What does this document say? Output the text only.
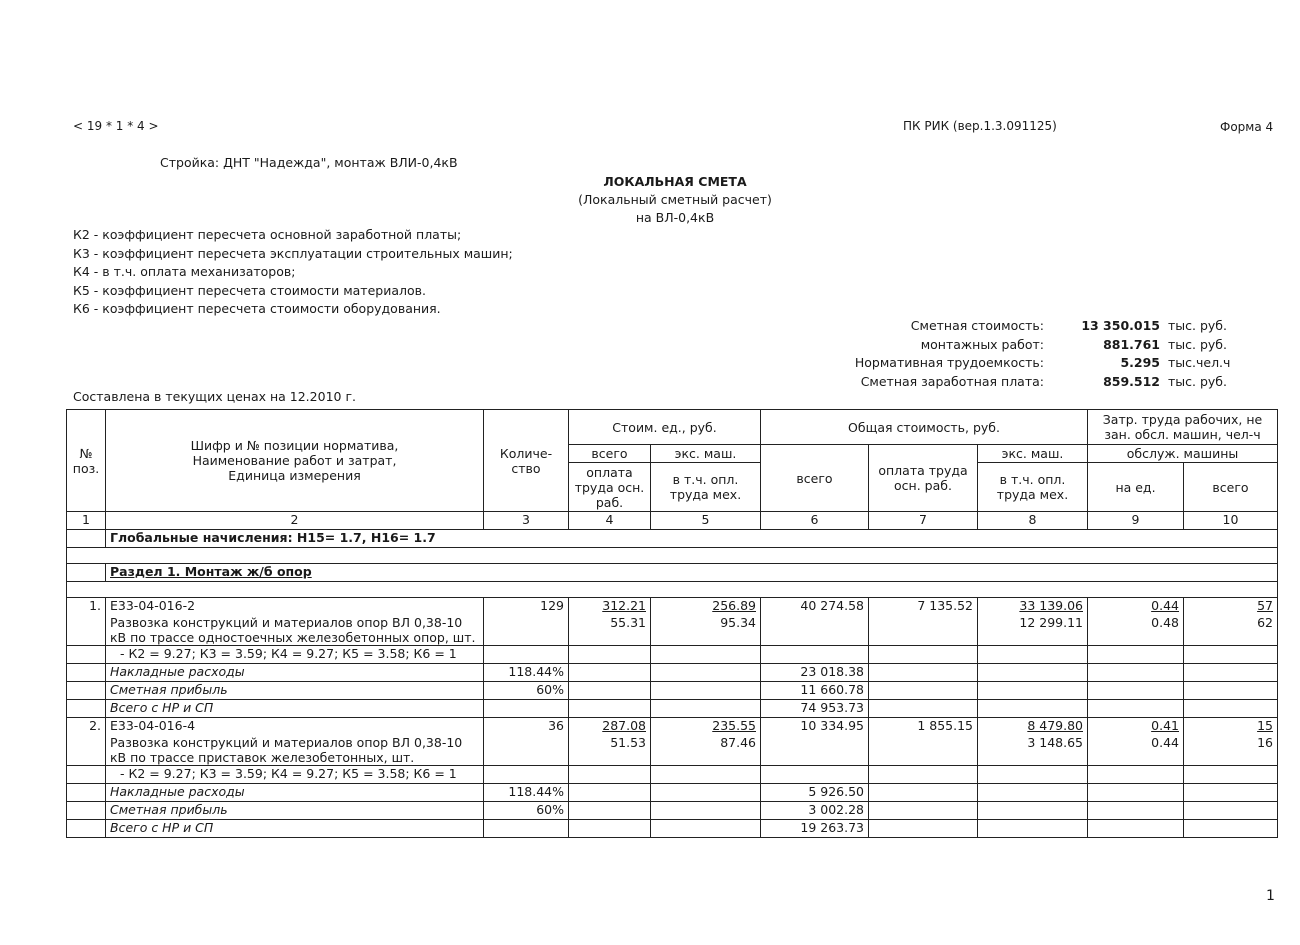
< 19 * 1 * 4 >	ПК РИК (вер.1.3.091125)	Форма 4
Стройка: ДНТ "Надежда", монтаж ВЛИ-0,4кВ
ЛОКАЛЬНАЯ СМЕТА
(Локальный сметный расчет)
на ВЛ-0,4кВ
К2 - коэффициент пересчета основной заработной платы;
К3 - коэффициент пересчета эксплуатации строительных машин;
К4 - в т.ч. оплата механизаторов;
К5 - коэффициент пересчета стоимости материалов.
К6 - коэффициент пересчета стоимости оборудования.
Сметная стоимость:	13 350.015 тыс. руб.
монтажных работ:	881.761 тыс. руб.
Нормативная трудоемкость:	5.295 тыс.чел.ч
Сметная заработная плата:	859.512 тыс. руб.
Составлена в текущих ценах на 12.2010 г.
№ поз.	Шифр и № позиции норматива, Наименование работ и затрат, Единица измерения	Количе-ство	Стоим. ед., руб.		Общая стоимость, руб.			Затр. труда рабочих, не зан. обсл. машин, чел-ч	
			всего	экс. маш.	всего	оплата труда осн. раб.	экс. маш.	обслуж. машины	
			оплата труда осн. раб.	в т.ч. опл. труда мех.			в т.ч. опл. труда мех.	на ед.	всего
1	2	3	4	5	6	7	8	9	10
	Глобальные начисления: Н15= 1.7, Н16= 1.7								

	Раздел 1. Монтаж ж/б опор								

1.	Е33-04-016-2	129	312.21	256.89	40 274.58	7 135.52	33 139.06	0.44	57
	Развозка конструкций и материалов опор ВЛ 0,38-10 кВ по трассе одностоечных железобетонных опор, шт.		55.31	95.34			12 299.11	0.48	62
	- К2 = 9.27; К3 = 3.59; К4 = 9.27; К5 = 3.58; К6 = 1								
	Накладные расходы	118.44%			23 018.38				
	Сметная прибыль	60%			11 660.78				
	Всего с НР и СП				74 953.73				
2.	Е33-04-016-4	36	287.08	235.55	10 334.95	1 855.15	8 479.80	0.41	15
	Развозка конструкций и материалов опор ВЛ 0,38-10 кВ по трассе приставок железобетонных, шт.		51.53	87.46			3 148.65	0.44	16
	- К2 = 9.27; К3 = 3.59; К4 = 9.27; К5 = 3.58; К6 = 1								
	Накладные расходы	118.44%			5 926.50				
	Сметная прибыль	60%			3 002.28				
	Всего с НР и СП				19 263.73				
1
